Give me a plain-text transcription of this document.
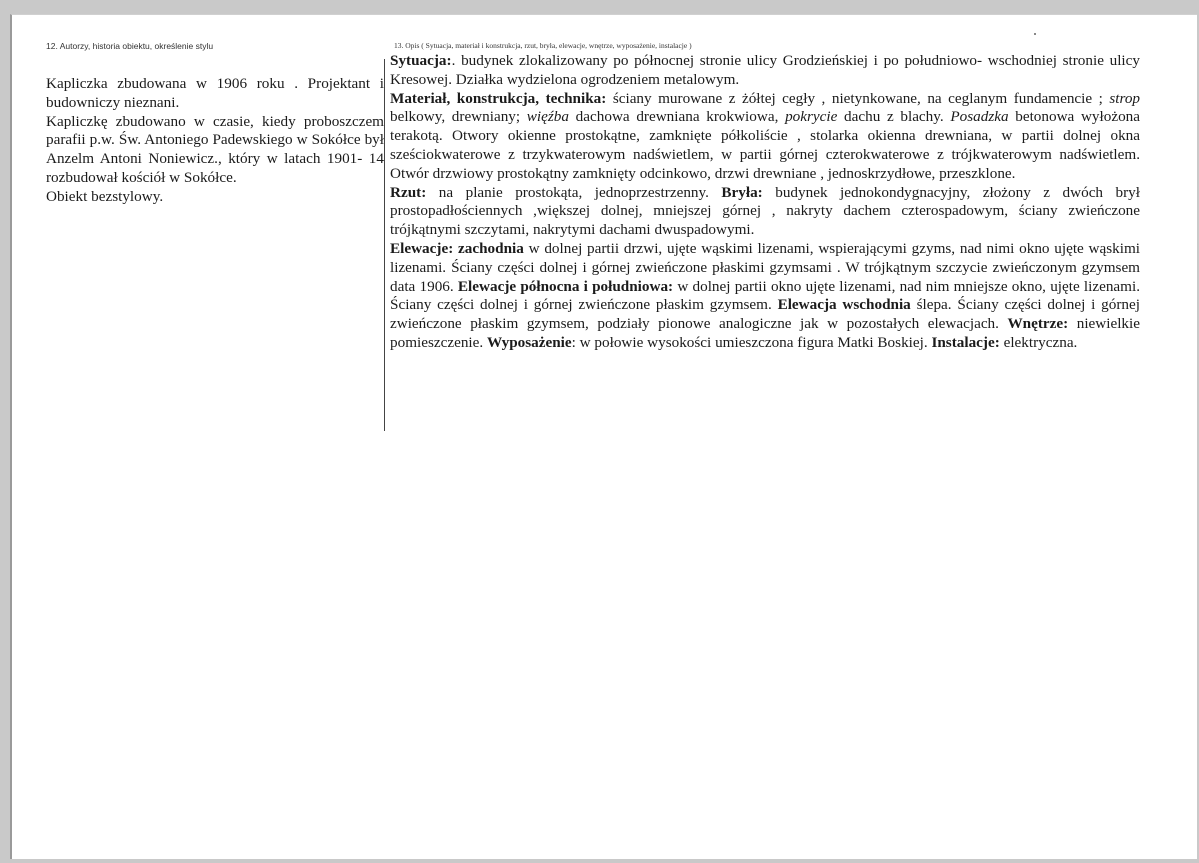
12. Autorzy, historia obiektu, określenie stylu

Kapliczka zbudowana w 1906 roku . Projektant i budowniczy nieznani.

Kapliczkę zbudowano w czasie, kiedy proboszczem parafii p.w. Św. Antoniego Padewskiego w Sokółce był Anzelm Antoni Noniewicz., który w latach 1901- 14 rozbudował kościół w Sokółce.

Obiekt bezstylowy.

13. Opis ( Sytuacja, materiał i konstrukcja, rzut, bryła, elewacje, wnętrze, wyposażenie, instalacje )

Sytuacja:. budynek zlokalizowany po północnej stronie ulicy Grodzieńskiej i po południowo- wschodniej stronie ulicy Kresowej. Działka wydzielona ogrodzeniem metalowym.
Materiał, konstrukcja, technika: ściany murowane z żółtej cegły , nietynkowane, na ceglanym fundamencie ; strop belkowy, drewniany; więźba dachowa drewniana krokwiowa, pokrycie dachu z blachy. Posadzka betonowa wyłożona terakotą. Otwory okienne prostokątne, zamknięte półkoliście , stolarka okienna drewniana, w partii dolnej okna sześciokwaterowe z trzykwaterowym nadświetlem, w partii górnej czterokwaterowe z trójkwaterowym nadświetlem. Otwór drzwiowy prostokątny zamknięty odcinkowo, drzwi drewniane , jednoskrzydłowe, przeszklone.
Rzut: na planie prostokąta, jednoprzestrzenny. Bryła: budynek jednokondygnacyjny, złożony z dwóch brył prostopadłościennych ,większej dolnej, mniejszej górnej , nakryty dachem czterospadowym, ściany zwieńczone trójkątnymi szczytami, nakrytymi dachami dwuspadowymi.
Elewacje: zachodnia w dolnej partii drzwi, ujęte wąskimi lizenami, wspierającymi gzyms, nad nimi okno ujęte wąskimi lizenami. Ściany części dolnej i górnej zwieńczone płaskimi gzymsami . W trójkątnym szczycie zwieńczonym gzymsem data 1906. Elewacje północna i południowa: w dolnej partii okno ujęte lizenami, nad nim mniejsze okno, ujęte lizenami. Ściany części dolnej i górnej zwieńczone płaskim gzymsem. Elewacja wschodnia ślepa. Ściany części dolnej i górnej zwieńczone płaskim gzymsem, podziały pionowe analogiczne jak w pozostałych elewacjach. Wnętrze: niewielkie pomieszczenie. Wyposażenie: w połowie wysokości umieszczona figura Matki Boskiej. Instalacje: elektryczna.
